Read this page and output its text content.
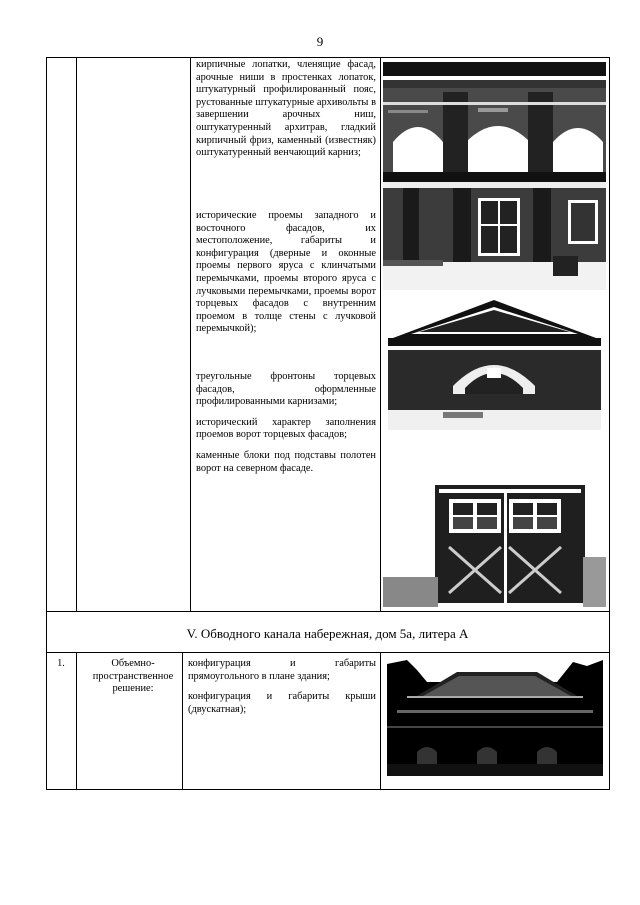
9

кирпичные лопатки, членящие фасад, арочные ниши в простенках лопаток, штукатурный профилированный пояс, рустованные штукатурные архивольты в завершении арочных ниш, оштукатуренный архитрав, гладкий кирпичный фриз, каменный (известняк) оштукатуренный венчающий карниз;

исторические проемы западного и восточного фасадов, их местоположение, габариты и конфигурация (дверные и оконные проемы первого яруса с клинчатыми перемычками, проемы второго яруса с лучковыми перемычками, проемы ворот торцевых фасадов с внутренним проемом в толще стены с лучковой перемычкой);

треугольные фронтоны торцевых фасадов, оформленные профилированными карнизами;

исторический характер заполнения проемов ворот торцевых фасадов;

каменные блоки под подставы полотен ворот на северном фасаде.

V. Обводного канала набережная, дом 5а, литера А
1.	Объемно-пространственное решение:

конфигурация и габариты прямоугольного в плане здания;

конфигурация и габариты крыши (двускатная);
